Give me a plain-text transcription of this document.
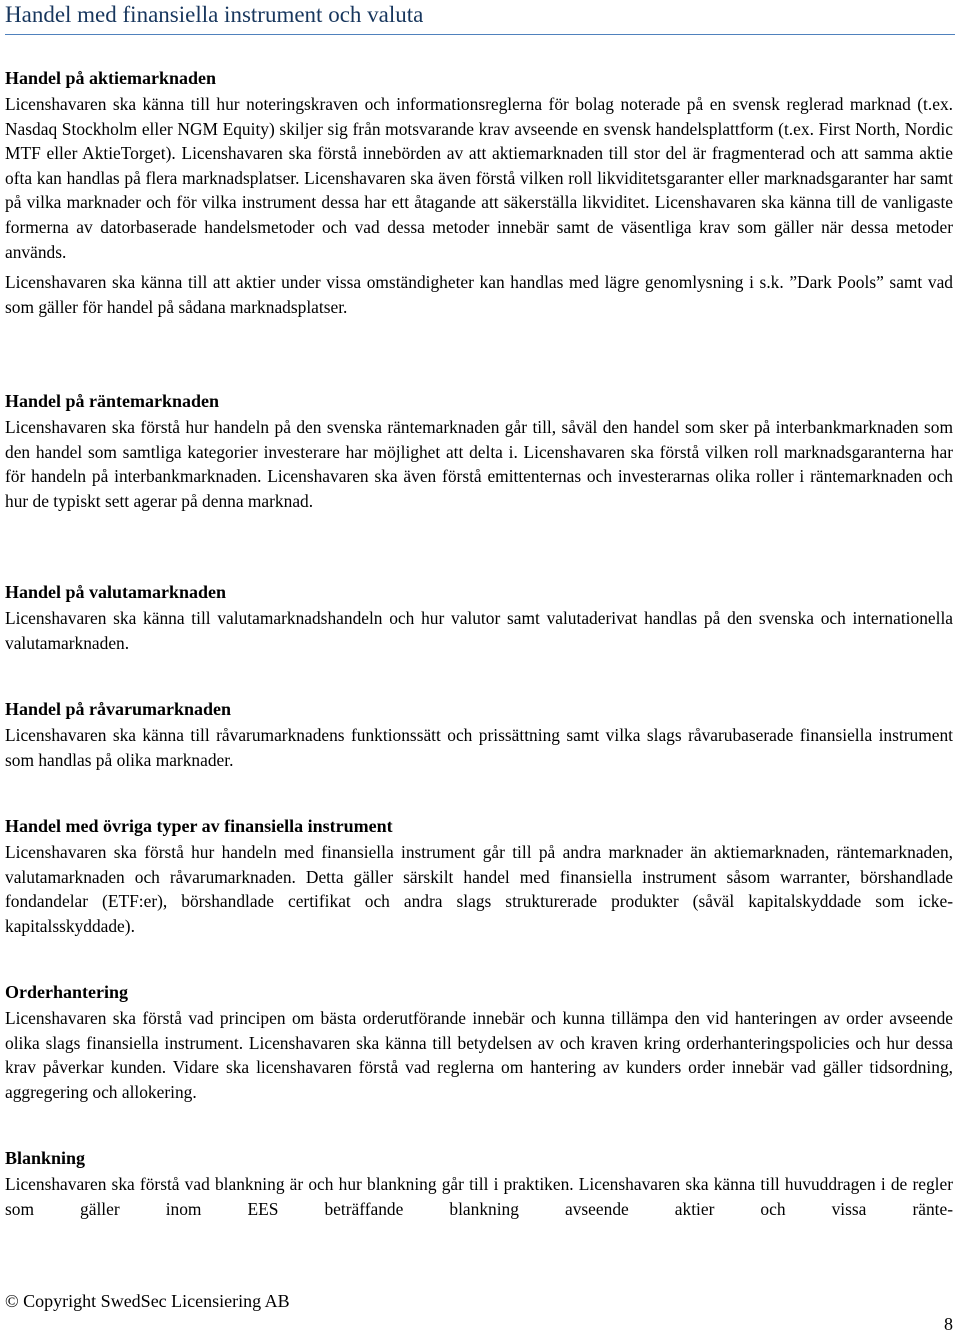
Handel med finansiella instrument och valuta
Handel på aktiemarknaden

Licenshavaren ska känna till hur noteringskraven och informationsreglerna för bolag noterade på en svensk reglerad marknad (t.ex. Nasdaq Stockholm eller NGM Equity) skiljer sig från motsvarande krav avseende en svensk handelsplattform (t.ex. First North, Nordic MTF eller AktieTorget). Licenshavaren ska förstå innebörden av att aktiemarknaden till stor del är fragmenterad och att samma aktie ofta kan handlas på flera marknadsplatser. Licenshavaren ska även förstå vilken roll likviditetsgaranter eller marknadsgaranter har samt på vilka marknader och för vilka instrument dessa har ett åtagande att säkerställa likviditet. Licenshavaren ska känna till de vanligaste formerna av datorbaserade handelsmetoder och vad dessa metoder innebär samt de väsentliga krav som gäller när dessa metoder används.

Licenshavaren ska känna till att aktier under vissa omständigheter kan handlas med lägre genomlysning i s.k. ”Dark Pools” samt vad som gäller för handel på sådana marknadsplatser.

Handel på räntemarknaden

Licenshavaren ska förstå hur handeln på den svenska räntemarknaden går till, såväl den handel som sker på interbankmarknaden som den handel som samtliga kategorier investerare har möjlighet att delta i. Licenshavaren ska förstå vilken roll marknadsgaranterna har för handeln på interbankmarknaden. Licenshavaren ska även förstå emittenternas och investerarnas olika roller i räntemarknaden och hur de typiskt sett agerar på denna marknad.

Handel på valutamarknaden

Licenshavaren ska känna till valutamarknadshandeln och hur valutor samt valutaderivat handlas på den svenska och internationella valutamarknaden.

Handel på råvarumarknaden

Licenshavaren ska känna till råvarumarknadens funktionssätt och prissättning samt vilka slags råvarubaserade finansiella instrument som handlas på olika marknader.

Handel med övriga typer av finansiella instrument

Licenshavaren ska förstå hur handeln med finansiella instrument går till på andra marknader än aktiemarknaden, räntemarknaden, valutamarknaden och råvarumarknaden. Detta gäller särskilt handel med finansiella instrument såsom warranter, börshandlade fondandelar (ETF:er), börshandlade certifikat och andra slags strukturerade produkter (såväl kapitalskyddade som icke-kapitalsskyddade).

Orderhantering

Licenshavaren ska förstå vad principen om bästa orderutförande innebär och kunna tillämpa den vid hanteringen av order avseende olika slags finansiella instrument. Licenshavaren ska känna till betydelsen av och kraven kring orderhanteringspolicies och hur dessa krav påverkar kunden. Vidare ska licenshavaren förstå vad reglerna om hantering av kunders order innebär vad gäller tidsordning, aggregering och allokering.

Blankning

Licenshavaren ska förstå vad blankning är och hur blankning går till i praktiken. Licenshavaren ska känna till huvuddragen i de regler som gäller inom EES beträffande blankning avseende aktier och vissa ränte-

© Copyright SwedSec Licensiering AB
8
